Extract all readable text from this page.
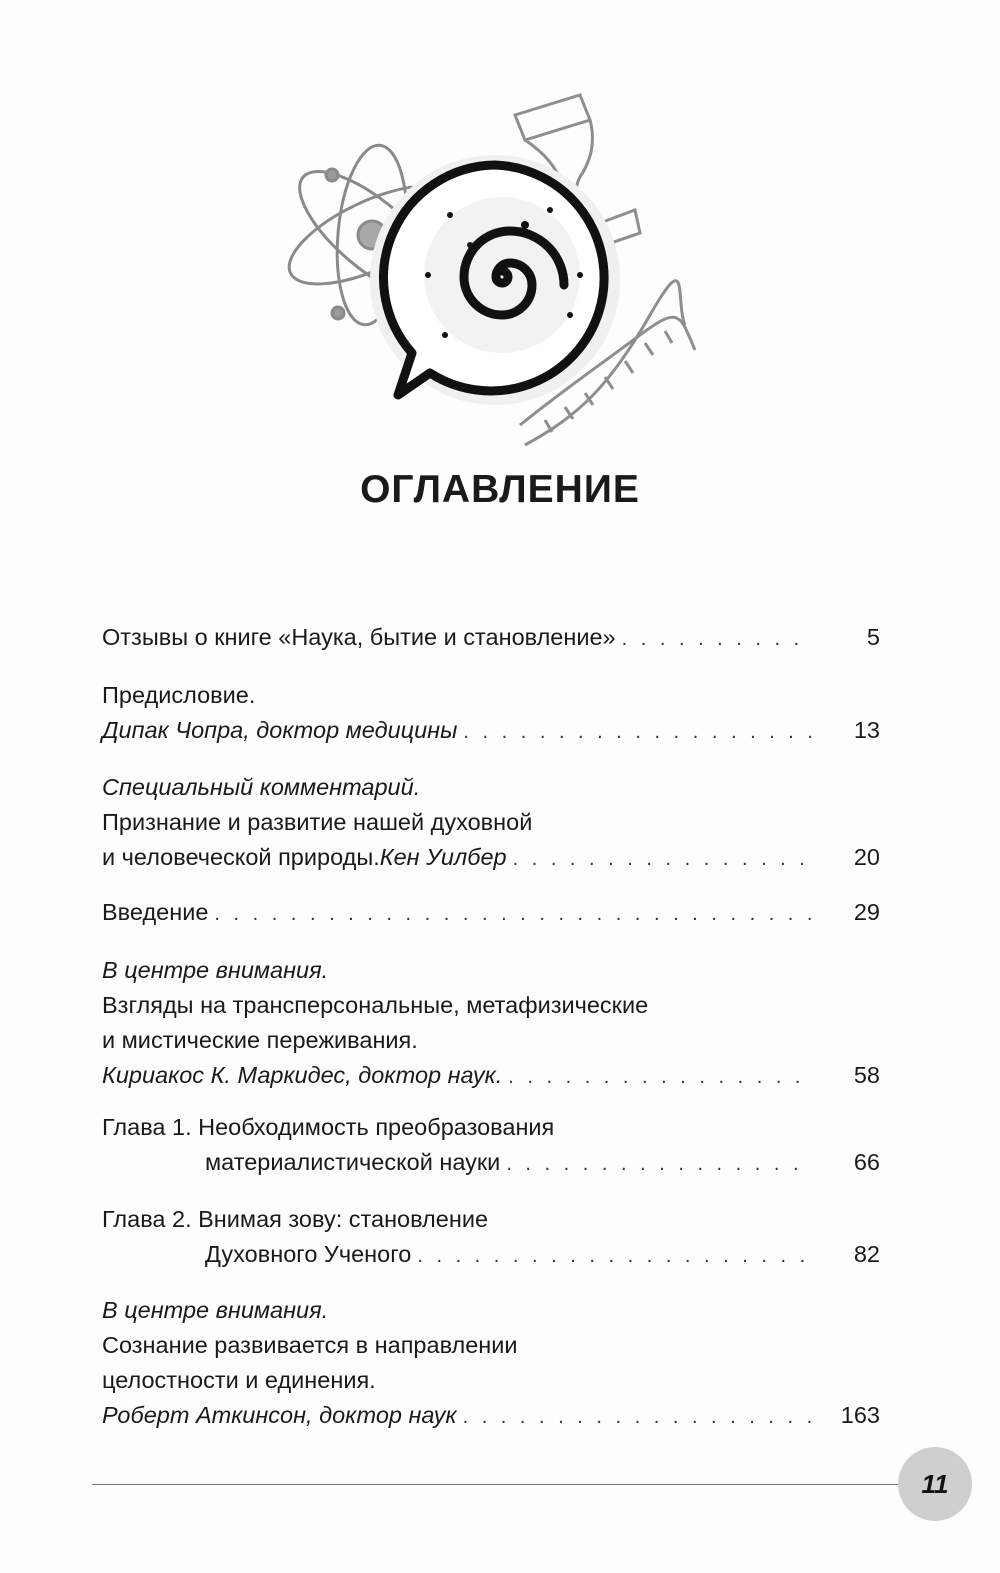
ОГЛАВЛЕНИЕ
Отзывы о книге «Наука, бытие и становление» . . .	5
Предисловие.
Дипак Чопра, доктор медицины . . .	13
Специальный комментарий.
Признание и развитие нашей духовной
и человеческой природы. Кен Уилбер . . .	20
Введение . . .	29
В центре внимания.
Взгляды на трансперсональные, метафизические
и мистические переживания.
Кириакос К. Маркидес, доктор наук. . . .	58
Глава 1. Необходимость преобразования
материалистической науки . . .	66
Глава 2. Внимая зову: становление
Духовного Ученого . . .	82
В центре внимания.
Сознание развивается в направлении
целостности и единения.
Роберт Аткинсон, доктор наук . . .	163
11
